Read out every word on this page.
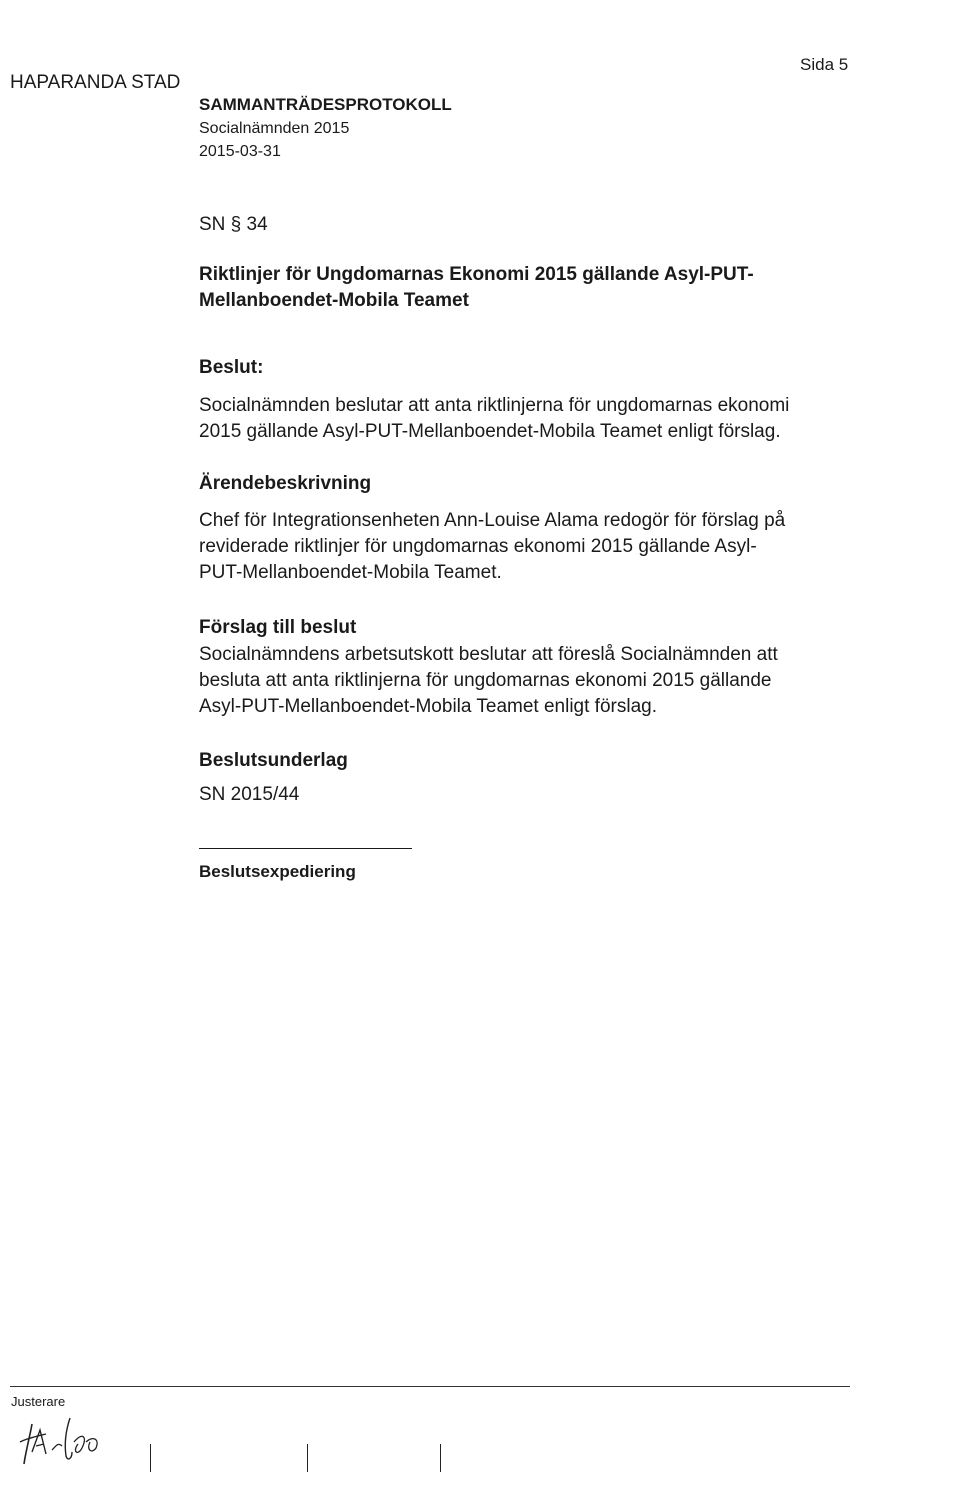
HAPARANDA STAD
Sida 5
SAMMANTRÄDESPROTOKOLL
Socialnämnden 2015
2015-03-31
SN § 34
Riktlinjer för Ungdomarnas Ekonomi 2015 gällande Asyl-PUT-
Mellanboendet-Mobila Teamet
Beslut:
Socialnämnden beslutar att anta riktlinjerna för ungdomarnas ekonomi
2015 gällande Asyl-PUT-Mellanboendet-Mobila Teamet enligt förslag.
Ärendebeskrivning
Chef för Integrationsenheten Ann-Louise Alama redogör för förslag på
reviderade riktlinjer för ungdomarnas ekonomi 2015 gällande Asyl-
PUT-Mellanboendet-Mobila Teamet.
Förslag till beslut
Socialnämndens arbetsutskott beslutar att föreslå Socialnämnden att
besluta att anta riktlinjerna för ungdomarnas ekonomi 2015 gällande
Asyl-PUT-Mellanboendet-Mobila Teamet enligt förslag.
Beslutsunderlag
SN 2015/44
Beslutsexpediering
Justerare
